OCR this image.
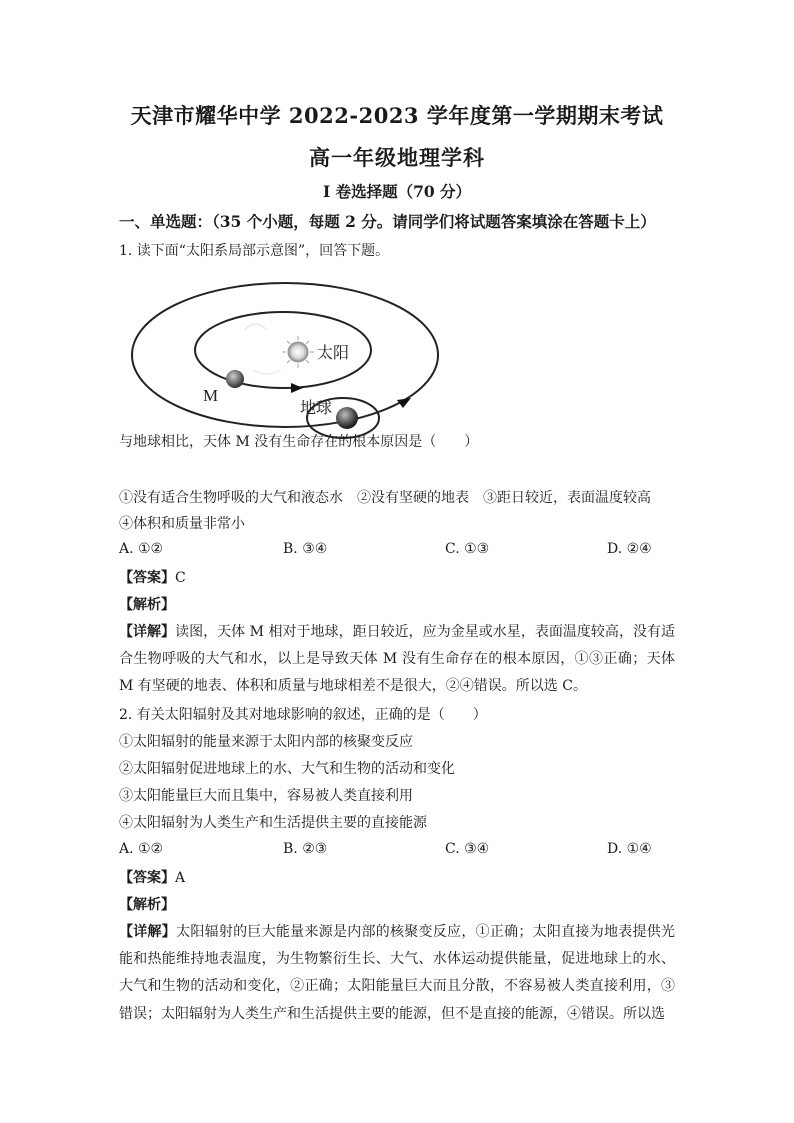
天津市耀华中学 2022-2023 学年度第一学期期末考试
高一年级地理学科
I 卷选择题（70 分）
一、单选题：（35 个小题，每题 2 分。请同学们将试题答案填涂在答题卡上）
1. 读下面“太阳系局部示意图”，回答下题。
太阳
M
地球
与地球相比，天体 M 没有生命存在的根本原因是（　　）
①没有适合生物呼吸的大气和液态水　②没有坚硬的地表　③距日较近，表面温度较高
④体积和质量非常小
A. ①②	B. ③④	C. ①③	D. ②④
【答案】C
【解析】
【详解】读图，天体 M 相对于地球，距日较近，应为金星或水星，表面温度较高，没有适合生物呼吸的大气和水，以上是导致天体 M 没有生命存在的根本原因，①③正确；天体 M 有坚硬的地表、体积和质量与地球相差不是很大，②④错误。所以选 C。
2. 有关太阳辐射及其对地球影响的叙述，正确的是（　　）
①太阳辐射的能量来源于太阳内部的核聚变反应
②太阳辐射促进地球上的水、大气和生物的活动和变化
③太阳能量巨大而且集中，容易被人类直接利用
④太阳辐射为人类生产和生活提供主要的直接能源
A. ①②	B. ②③	C. ③④	D. ①④
【答案】A
【解析】
【详解】太阳辐射的巨大能量来源是内部的核聚变反应，①正确；太阳直接为地表提供光能和热能维持地表温度，为生物繁衍生长、大气、水体运动提供能量，促进地球上的水、大气和生物的活动和变化，②正确；太阳能量巨大而且分散，不容易被人类直接利用，③错误；太阳辐射为人类生产和生活提供主要的能源，但不是直接的能源，④错误。所以选
